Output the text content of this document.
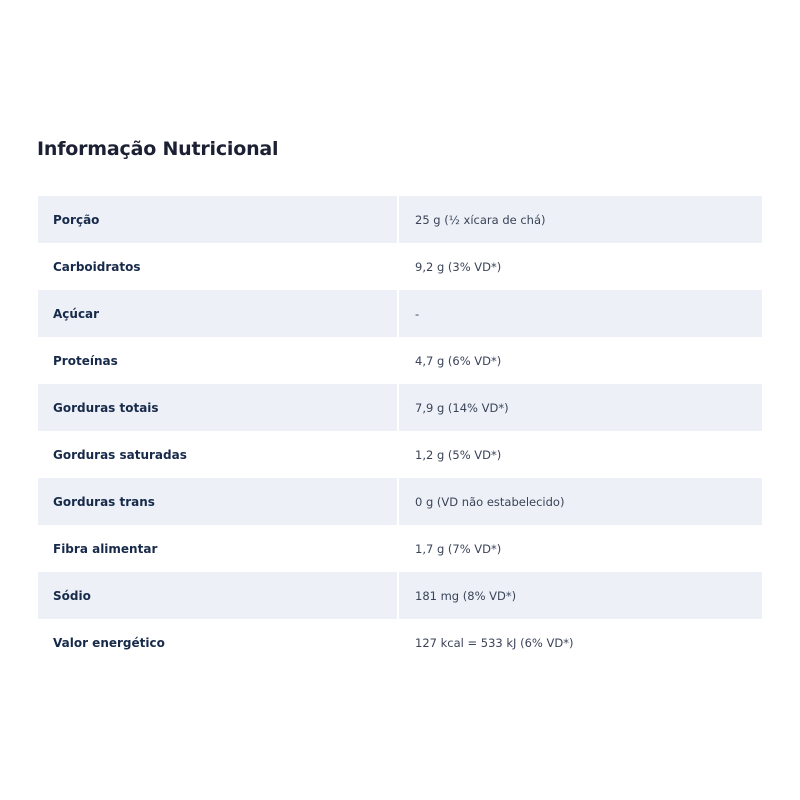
Informação Nutricional
Porção	25 g (½ xícara de chá)
Carboidratos	9,2 g (3% VD*)
Açúcar	-
Proteínas	4,7 g (6% VD*)
Gorduras totais	7,9 g (14% VD*)
Gorduras saturadas	1,2 g (5% VD*)
Gorduras trans	0 g (VD não estabelecido)
Fibra alimentar	1,7 g (7% VD*)
Sódio	181 mg (8% VD*)
Valor energético	127 kcal = 533 kJ (6% VD*)
